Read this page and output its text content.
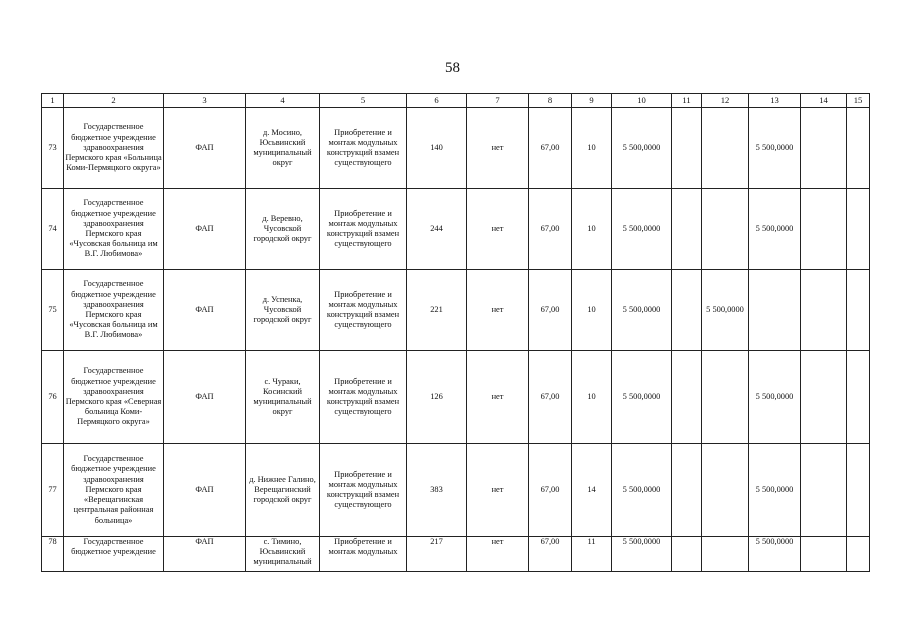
58
1	2	3	4	5	6	7	8	9	10	11	12	13	14	15
73	Государственное бюджетное учреждение здравоохранения Пермского края «Больница Коми-Пермяцкого округа»	ФАП	д. Мосино, Юсьвинский муниципальный округ	Приобретение и монтаж модульных конструкций взамен существующего	140	нет	67,00	10	5 500,0000			5 500,0000		
74	Государственное бюджетное учреждение здравоохранения Пермского края «Чусовская больница им В.Г. Любимова»	ФАП	д. Веревно, Чусовской городской округ	Приобретение и монтаж модульных конструкций взамен существующего	244	нет	67,00	10	5 500,0000			5 500,0000		
75	Государственное бюджетное учреждение здравоохранения Пермского края «Чусовская больница им В.Г. Любимова»	ФАП	д. Успенка, Чусовской городской округ	Приобретение и монтаж модульных конструкций взамен существующего	221	нет	67,00	10	5 500,0000		5 500,0000			
76	Государственное бюджетное учреждение здравоохранения Пермского края «Северная больница Коми-Пермяцкого округа»	ФАП	с. Чураки, Косинский муниципальный округ	Приобретение и монтаж модульных конструкций взамен существующего	126	нет	67,00	10	5 500,0000			5 500,0000		
77	Государственное бюджетное учреждение здравоохранения Пермского края «Верещагинская центральная районная больница»	ФАП	д. Нижнее Галино, Верещагинский городской округ	Приобретение и монтаж модульных конструкций взамен существующего	383	нет	67,00	14	5 500,0000			5 500,0000		
78	Государственное бюджетное учреждение	ФАП	с. Тимино, Юсьвинский муниципальный	Приобретение и монтаж модульных	217	нет	67,00	11	5 500,0000			5 500,0000		
